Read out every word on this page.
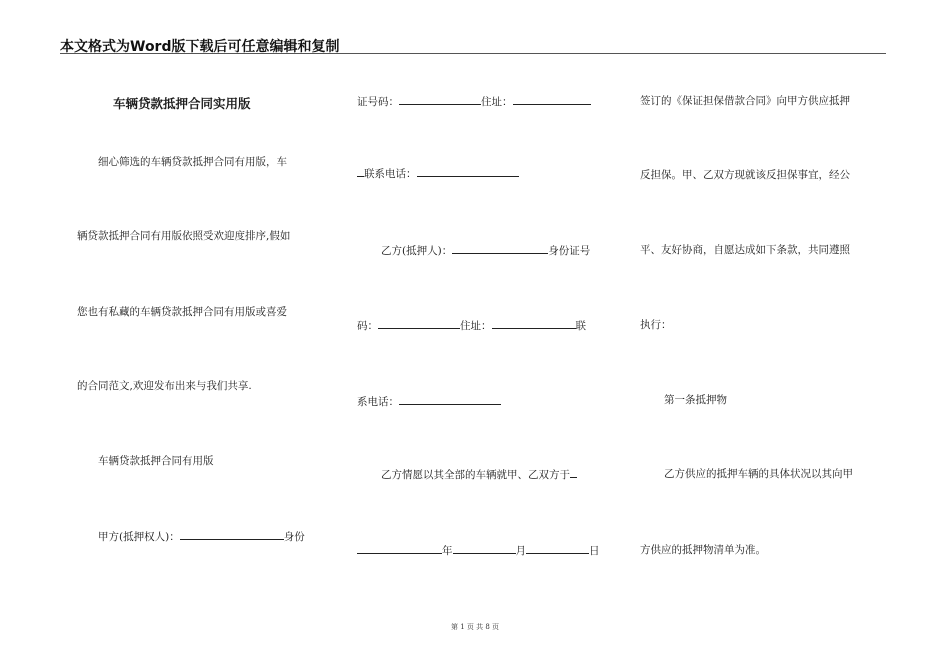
本文格式为Word版下载后可任意编辑和复制
车辆贷款抵押合同实用版
细心筛选的车辆贷款抵押合同有用版，车
辆贷款抵押合同有用版依照受欢迎度排序,假如
您也有私藏的车辆贷款抵押合同有用版或喜爱
的合同范文,欢迎发布出来与我们共享.
车辆贷款抵押合同有用版
甲方(抵押权人)：	身份
证号码：	住址：
联系电话：
乙方(抵押人)：	身份证号
码：	住址：	联
系电话：
乙方情愿以其全部的车辆就甲、乙双方于
年	月	日
签订的《保证担保借款合同》向甲方供应抵押
反担保。甲、乙双方现就该反担保事宜，经公
平、友好协商，自愿达成如下条款，共同遵照
执行：
第一条抵押物
乙方供应的抵押车辆的具体状况以其向甲
方供应的抵押物清单为准。
第 1 页 共 8 页
